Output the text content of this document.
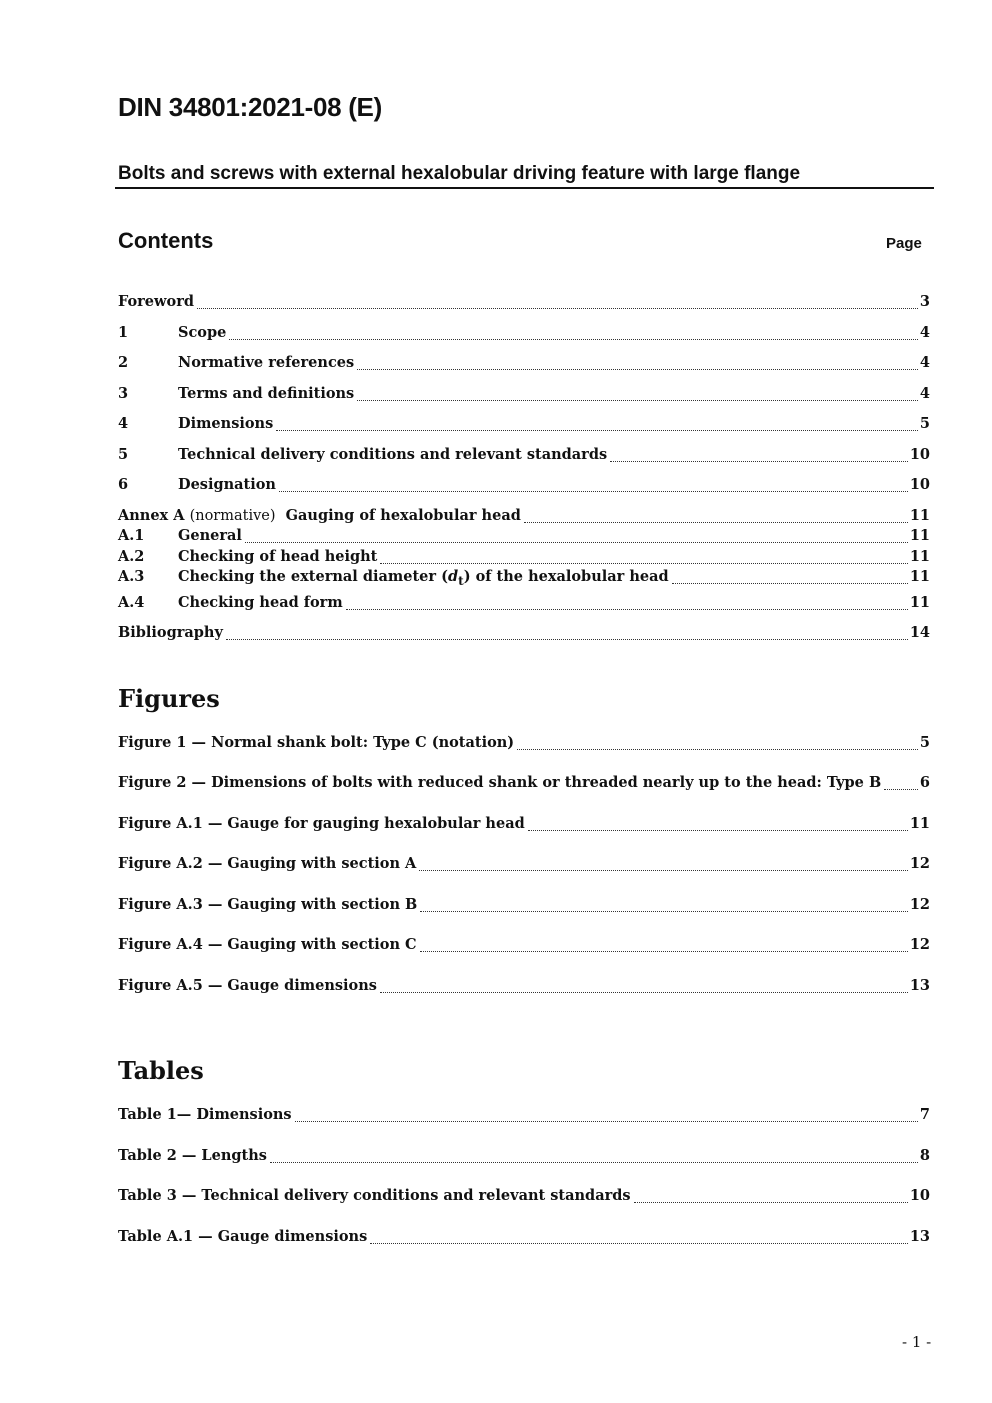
DIN 34801:2021-08 (E)
Bolts and screws with external hexalobular driving feature with large flange
Contents	Page
Foreword	3
1	Scope	4
2	Normative references	4
3	Terms and definitions	4
4	Dimensions	5
5	Technical delivery conditions and relevant standards	10
6	Designation	10
Annex A (normative) Gauging of hexalobular head	11
A.1	General	11
A.2	Checking of head height	11
A.3	Checking the external diameter $(d_t)$ of the hexalobular head	11
A.4	Checking head form	11
Bibliography	14
Figures
Figure 1 — Normal shank bolt: Type C (notation)	5
Figure 2 — Dimensions of bolts with reduced shank or threaded nearly up to the head: Type B	6
Figure A.1 — Gauge for gauging hexalobular head	11
Figure A.2 — Gauging with section A	12
Figure A.3 — Gauging with section B	12
Figure A.4 — Gauging with section C	12
Figure A.5 — Gauge dimensions	13
Tables
Table 1— Dimensions	7
Table 2 — Lengths	8
Table 3 — Technical delivery conditions and relevant standards	10
Table A.1 — Gauge dimensions	13
- 1 -
